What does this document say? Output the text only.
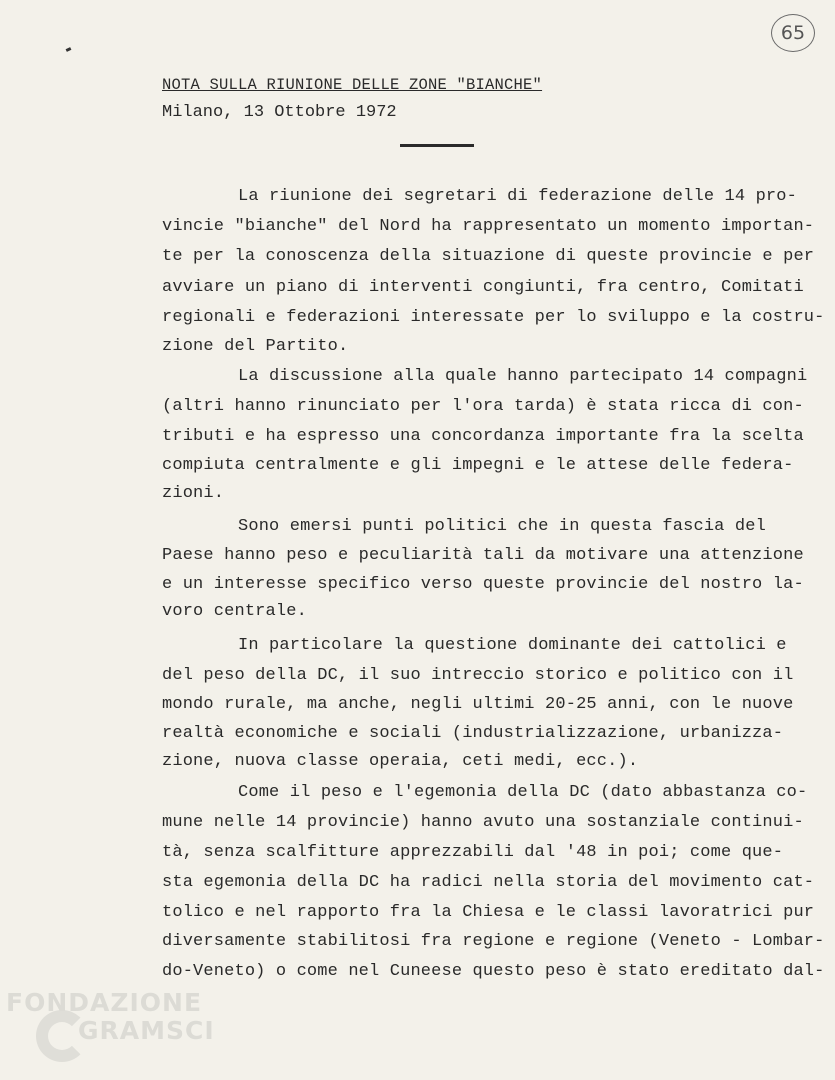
65
NOTA SULLA RIUNIONE DELLE ZONE "BIANCHE"
Milano, 13 Ottobre 1972
La riunione dei segretari di federazione delle 14 pro-
vincie "bianche" del Nord ha rappresentato un momento importan-
te per la conoscenza della situazione di queste provincie e per
avviare un piano di interventi congiunti, fra centro, Comitati
regionali e federazioni interessate per lo sviluppo e la costru-
zione del Partito.
La discussione alla quale hanno partecipato 14 compagni
(altri hanno rinunciato per l'ora tarda) è stata ricca di con-
tributi e ha espresso una concordanza importante fra la scelta
compiuta centralmente e gli impegni e le attese delle federa-
zioni.
Sono emersi punti politici che in questa fascia del
Paese hanno peso e peculiarità tali da motivare una attenzione
e un interesse specifico verso queste provincie del nostro la-
voro centrale.
In particolare la questione dominante dei cattolici e
del peso della DC, il suo intreccio storico e politico con il
mondo rurale, ma anche, negli ultimi 20-25 anni, con le nuove
realtà economiche e sociali (industrializzazione, urbanizza-
zione, nuova classe operaia, ceti medi, ecc.).
Come il peso e l'egemonia della DC (dato abbastanza co-
mune nelle 14 provincie) hanno avuto una sostanziale continui-
tà, senza scalfitture apprezzabili dal '48 in poi; come que-
sta egemonia della DC ha radici nella storia del movimento cat-
tolico e nel rapporto fra la Chiesa e le classi lavoratrici pur
diversamente stabilitosi fra regione e regione (Veneto - Lombar-
do-Veneto) o come nel Cuneese questo peso è stato ereditato dal-
FONDAZIONE
GRAMSCI
